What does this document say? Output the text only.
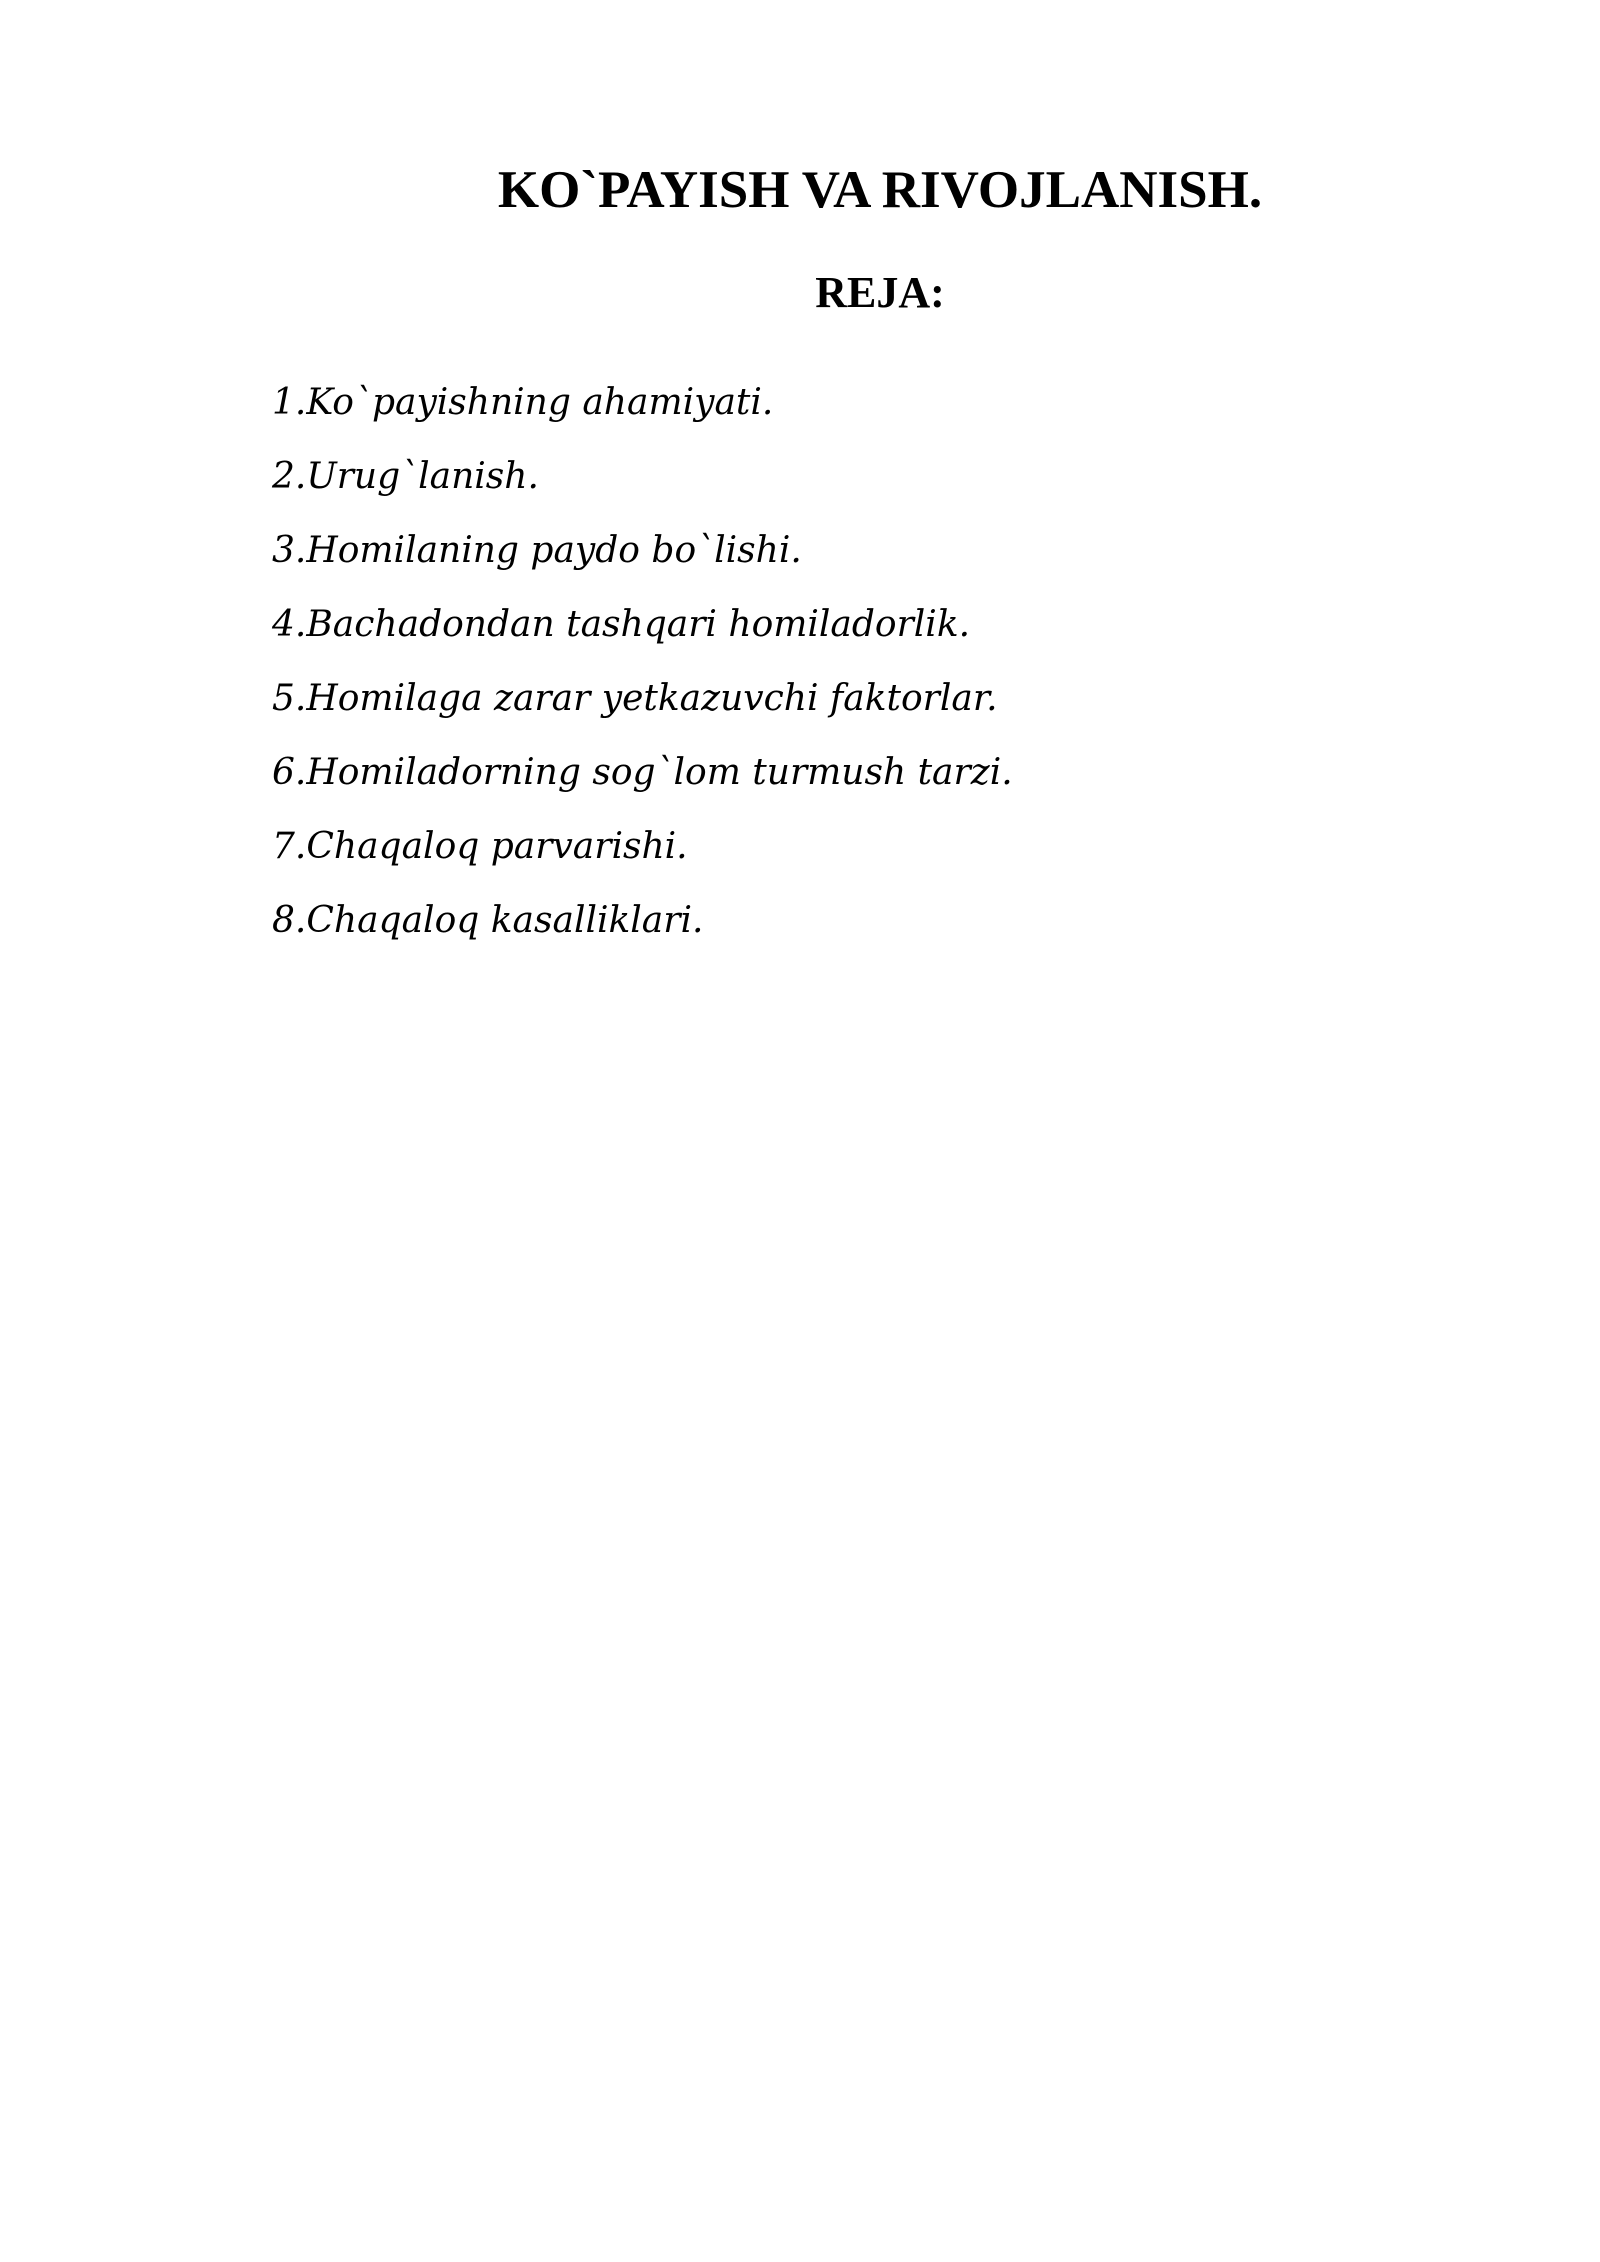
KO`PAYISH VA RIVOJLANISH.
REJA:
1.Ko`payishning ahamiyati.
2.Urug`lanish.
3.Homilaning paydo bo`lishi.
4.Bachadondan tashqari homiladorlik.
5.Homilaga zarar yetkazuvchi faktorlar.
6.Homiladorning sog`lom turmush tarzi.
7.Chaqaloq parvarishi.
8.Chaqaloq kasalliklari.
